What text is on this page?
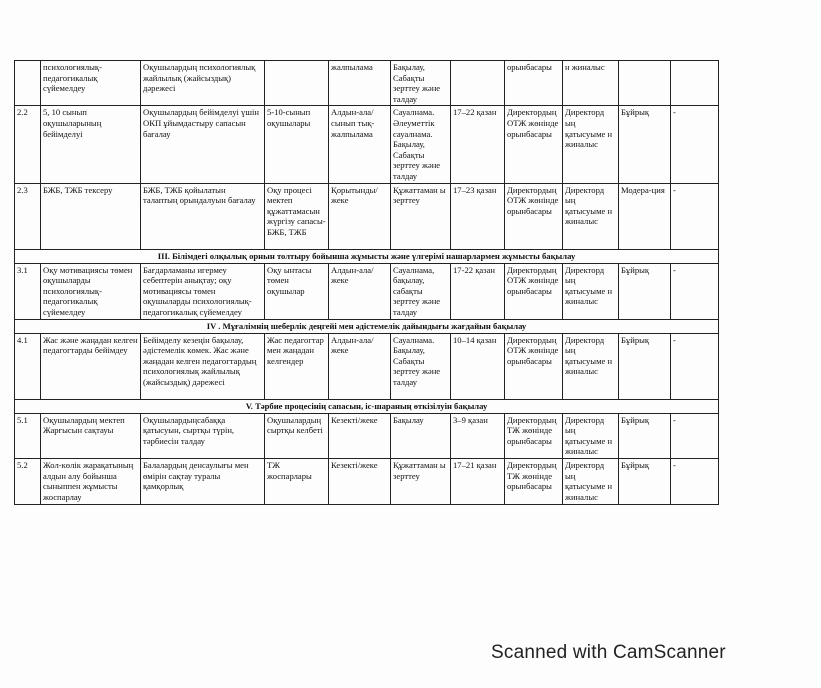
	психологиялық-педагогикалық сүйемелдеу	Оқушылардың психологиялық жайлылық (жайсыздық) дәрежесі		жалпылама	Бақылау, Сабақты зерттеу және талдау		орынбасары	н жиналыс		
2.2	5, 10 сынып оқушыларының бейімделуі	Оқушылардың бейімделуі үшін ОКП ұйымдастыру сапасын бағалау	5-10-сынып оқушылары	Алдын-ала/сынып тық-жалпылама	Сауалнама. Әлеуметтік сауалнама. Бақылау, Сабақты зерттеу және талдау	17–22 қазан	Директордың ОТЖ жөнінде орынбасары	Директорд ың қатысуыме н жиналыс	Бұйрық	-
2.3	БЖБ, ТЖБ тексеру	БЖБ, ТЖБ қойылатын талаптың орындалуын бағалау	Оқу процесі мектеп құжаттамасын жүргізу сапасы-БЖБ, ТЖБ	Қорытынды/ жеке	Құжаттаман ы зерттеу	17–23 қазан	Директордың ОТЖ жөнінде орынбасары	Директорд ың қатысуыме н жиналыс	Модера-ция	-
ІІІ. Білімдегі олқылық орнын толтыру бойынша жұмысты және үлгерімі нашарлармен жұмысты бақылау										
3.1	Оқу мотивациясы төмен оқушыларды психологиялық-педагогикалық сүйемелдеу	Бағдарламаны игермеу себептерін анықтау; оқу мотивациясы төмен оқушыларды психологиялық-педагогикалық сүйемелдеу	Оқу ынтасы төмен оқушылар	Алдын-ала/жеке	Сауалнама, бақылау, сабақты зерттеу және талдау	17-22 қазан	Директордың ОТЖ жөнінде орынбасары	Директорд ың қатысуыме н жиналыс	Бұйрық	-
IV . Мұғалімнің шеберлік деңгейі мен әдістемелік дайындығы жағдайын бақылау										
4.1	Жас және жаңадан келген педагогтарды бейімдеу	Бейімделу кезеңін бақылау, әдістемелік көмек. Жас және жаңадан келген педагогтардың психологиялық жайлылық (жайсыздық) дәрежесі	Жас педагогтар мен жаңадан келгендер	Алдын-ала/жеке	Сауалнама. Бақылау, Сабақты зерттеу және талдау	10–14 қазан	Директордың ОТЖ жөнінде орынбасары	Директорд ың қатысуыме н жиналыс	Бұйрық	-
V. Тәрбие процесінің сапасын, іс-шараның өткізілуін бақылау										
5.1	Оқушылардың мектеп Жарғысын сақтауы	Оқушылардыңсабаққа қатысуын, сыртқы түрін, тәрбиесін талдау	Оқушылардың сыртқы келбеті	Кезекті/жеке	Бақылау	3–9 қазан	Директордың ТЖ жөнінде орынбасары	Директорд ың қатысуыме н жиналыс	Бұйрық	-
5.2	Жол-көлік жарақатының алдын алу бойынша сыныппен жұмысты жоспарлау	Балалардың денсаулығы мен өмірін сақтау туралы қамқорлық	ТЖ жоспарлары	Кезекті/жеке	Құжаттаман ы зерттеу	17–21 қазан	Директордың ТЖ жөнінде орынбасары	Директорд ың қатысуыме н жиналыс	Бұйрық	-
Scanned with CamScanner
